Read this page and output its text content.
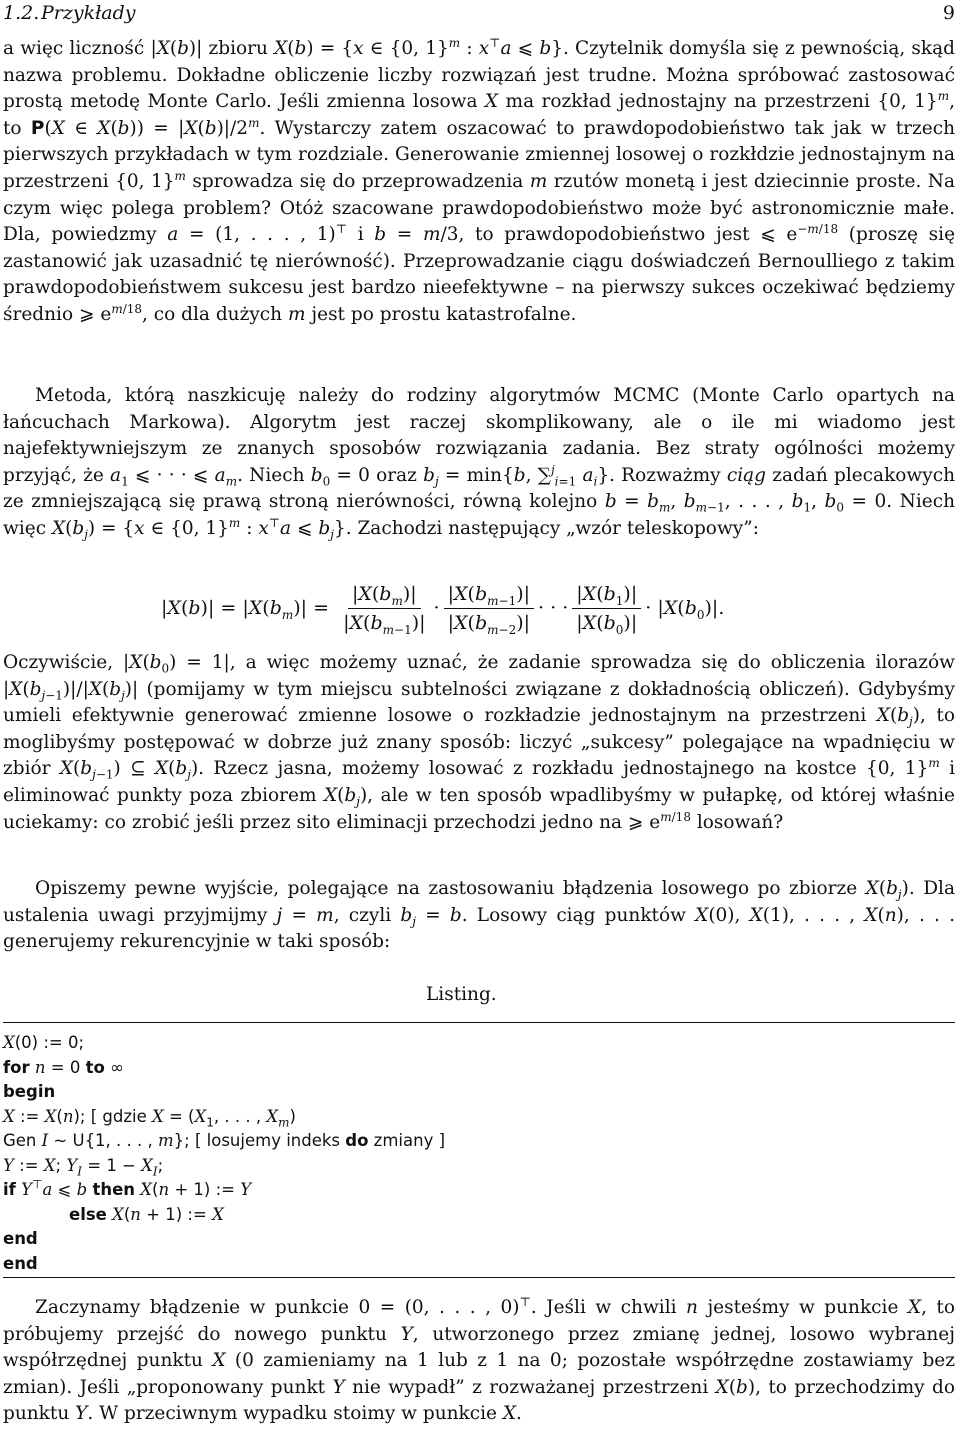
1.2. Przykłady	9

a więc liczność |X(b)| zbioru X(b) = {x ∈ {0, 1}$^m$ : x⊤a ⩽ b}. Czytelnik domyśla się z pewnością, skąd nazwa problemu. Dokładne obliczenie liczby rozwiązań jest trudne. Można spróbować zastosować prostą metodę Monte Carlo. Jeśli zmienna losowa X ma rozkład jednostajny na przestrzeni {0, 1}$^m$, to P(X ∈ $X(b)) = |X(b)|/2^m$. Wystarczy zatem oszacować to prawdopodobieństwo tak jak w trzech pierwszych przykładach w tym rozdziale. Generowanie zmiennej losowej o rozkłdzie jednostajnym na przestrzeni {0, 1}$^m$ sprowadza się do przeprowadzenia m rzutów monetą i jest dziecinnie proste. Na czym więc polega problem? Otóż szacowane prawdopodobieństwo może być astronomicznie małe. Dla, powiedzmy a = (1, . . . , 1)⊤ i b = m/3, to prawdopodobieństwo jest ⩽ $e^{-m/18}$ (proszę się zastanowić jak uzasadnić tę nierówność). Przeprowadzanie ciągu doświadczeń Bernoulliego z takim prawdopodobieństwem sukcesu jest bardzo nieefektywne – na pierwszy sukces oczekiwać będziemy średnio ⩾ $e^{m/18}$, co dla dużych m jest po prostu katastrofalne.

Metoda, którą naszkicuję należy do rodziny algorytmów MCMC (Monte Carlo opartych na łańcuchach Markowa). Algorytm jest raczej skomplikowany, ale o ile mi wiadomo jest najefektywniejszym ze znanych sposobów rozwiązania zadania. Bez straty ogólności możemy przyjąć, że $a_1$ ⩽ · · · ⩽ $a_m$. Niech $b_0 = 0$ oraz $b_j = \min\{b$, ∑$^j_{i=1}$ $a_i$}. Rozważmy ciąg zadań plecakowych ze zmniejszającą się prawą stroną nierówności, równą kolejno $b = b_m$, $b_{m-1}$, . . . , $b_1$, $b_0 = 0$. Niech więc $X(b_j) = \{x$ ∈ {0, 1}$^m$ : x⊤a ⩽ $b_j$}. Zachodzi następujący „wzór teleskopowy”:

$|X(b)| = |X(b_m)| = \frac{|X(b_m)|}{|X(b_{m-1})|} \cdot \frac{|X(b_{m-1})|}{|X(b_{m-2})|}$ · · · $\frac{|X(b_1)|}{|X(b_0)|} \cdot |X(b_0)|$.

Oczywiście, $|X(b_0) = 1|$, a więc możemy uznać, że zadanie sprowadza się do obliczenia ilorazów $|X(b_{j-1})|/|X(b_j)|$ (pomijamy w tym miejscu subtelności związane z dokładnością obliczeń). Gdybyśmy umieli efektywnie generować zmienne losowe o rozkładzie jednostajnym na przestrzeni $X(b_j)$, to moglibyśmy postępować w dobrze już znany sposób: liczyć „sukcesy” polegające na wpadnięciu w zbiór $X(b_{j-1})$ ⊆ $X(b_j)$. Rzecz jasna, możemy losować z rozkładu jednostajnego na kostce {0, 1}$^m$ i eliminować punkty poza zbiorem $X(b_j)$, ale w ten sposób wpadlibyśmy w pułapkę, od której właśnie uciekamy: co zrobić jeśli przez sito eliminacji przechodzi jedno na ⩾ $e^{m/18}$ losowań?

Opiszemy pewne wyjście, polegające na zastosowaniu błądzenia losowego po zbiorze $X(b_j)$. Dla ustalenia uwagi przyjmijmy j = m, czyli $b_j = b$. Losowy ciąg punktów X(0), X(1), . . . , X(n), . . . generujemy rekurencyjnie w taki sposób:

Listing.
X(0) := 0;
for n = 0 to ∞
begin
X := X(n); [ gdzie $X = (X_1$, . . . , $X_m$)
Gen I ∼ U{1, . . . , m}; [ losujemy indeks do zmiany ]
Y := X; $Y_I = 1 - X_I$;
if Y⊤a ⩽ b then X(n + 1) := Y
else X(n + 1) := X
end
end

Zaczynamy błądzenie w punkcie 0 = (0, . . . , 0)⊤. Jeśli w chwili n jesteśmy w punkcie X, to próbujemy przejść do nowego punktu Y, utworzonego przez zmianę jednej, losowo wybranej współrzędnej punktu X (0 zamieniamy na 1 lub z 1 na 0; pozostałe współrzędne zostawiamy bez zmian). Jeśli „proponowany punkt Y nie wypadł” z rozważanej przestrzeni X(b), to przechodzimy do punktu Y. W przeciwnym wypadku stoimy w punkcie X.
